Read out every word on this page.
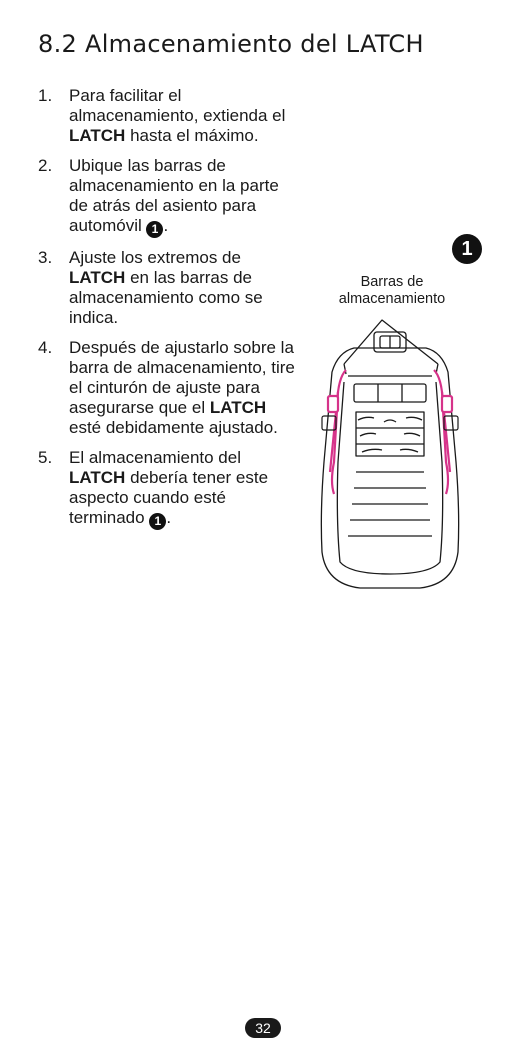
8.2 Almacenamiento del LATCH
1. Para facilitar el almacenamiento, extienda el LATCH hasta el máximo.
2. Ubique las barras de almacenamiento en la parte de atrás del asiento para automóvil 1 .
3. Ajuste los extremos de LATCH en las barras de almacenamiento como se indica.
4. Después de ajustarlo sobre la barra de almacenamiento, tire el cinturón de ajuste para asegurarse que el LATCH esté debidamente ajustado.
5. El almacenamiento del LATCH debería tener este aspecto cuando esté terminado 1 .
1
Barras de almacenamiento
32
